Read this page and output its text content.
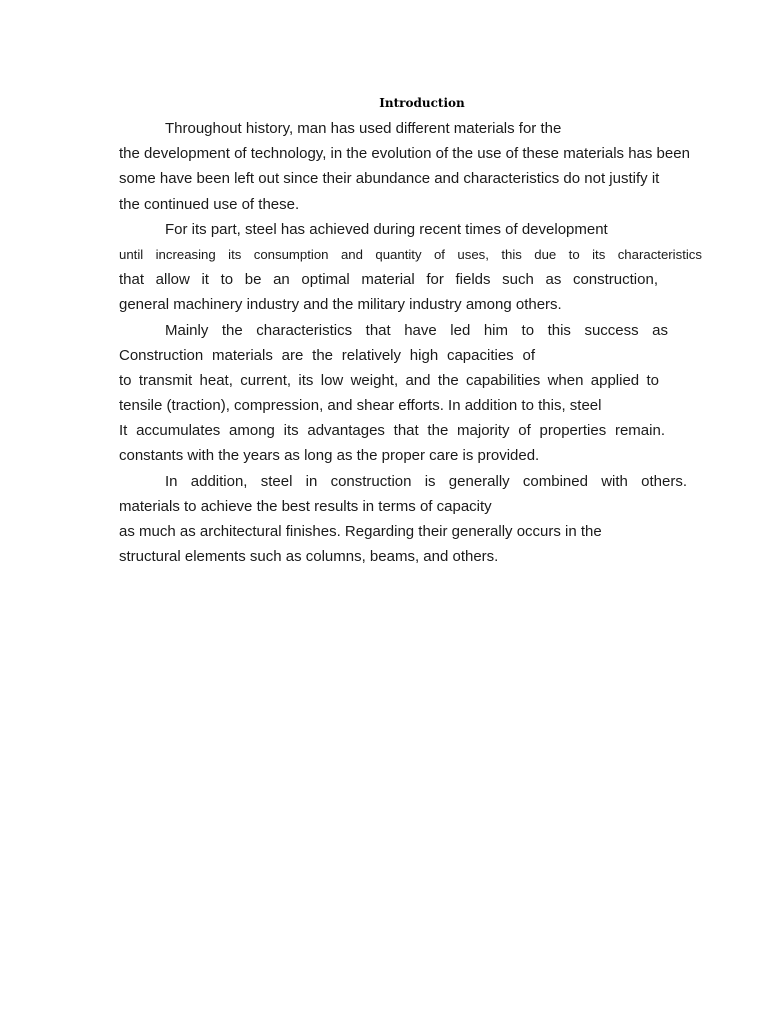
Introduction
Throughout history, man has used different materials for the
the development of technology, in the evolution of the use of these materials has been
some have been left out since their abundance and characteristics do not justify it
the continued use of these.
For its part, steel has achieved during recent times of development
until increasing its consumption and quantity of uses, this due to its characteristics
that allow it to be an optimal material for fields such as construction,
general machinery industry and the military industry among others.
Mainly the characteristics that have led him to this success as
Construction materials are the relatively high capacities of
to transmit heat, current, its low weight, and the capabilities when applied to
tensile (traction), compression, and shear efforts. In addition to this, steel
It accumulates among its advantages that the majority of properties remain.
constants with the years as long as the proper care is provided.
In addition, steel in construction is generally combined with others.
materials to achieve the best results in terms of capacity
as much as architectural finishes. Regarding their generally occurs in the
structural elements such as columns, beams, and others.
